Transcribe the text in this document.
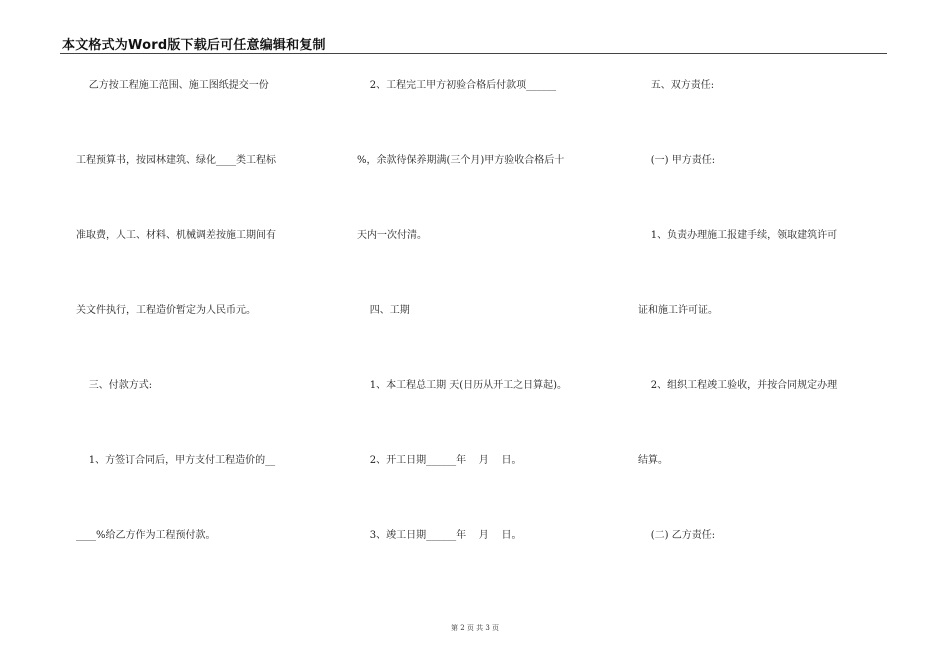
本文格式为Word版下载后可任意编辑和复制
乙方按工程施工范围、施工图纸提交一份
工程预算书，按园林建筑、绿化____类工程标
准取费，人工、材料、机械调差按施工期间有
关文件执行，工程造价暂定为人民币元。
三、付款方式:
1、方签订合同后，甲方支付工程造价的__
____%给乙方作为工程预付款。
2、工程完工甲方初验合格后付款项______
%，余款待保养期满(三个月)甲方验收合格后十
天内一次付清。
四、工期
1、本工程总工期 天(日历从开工之日算起)。
2、开工日期______年    月    日。
3、竣工日期______年    月    日。
五、双方责任:
(一) 甲方责任:
1、负责办理施工报建手续，领取建筑许可
证和施工许可证。
2、组织工程竣工验收，并按合同规定办理
结算。
(二) 乙方责任:
第 2 页 共 3 页
